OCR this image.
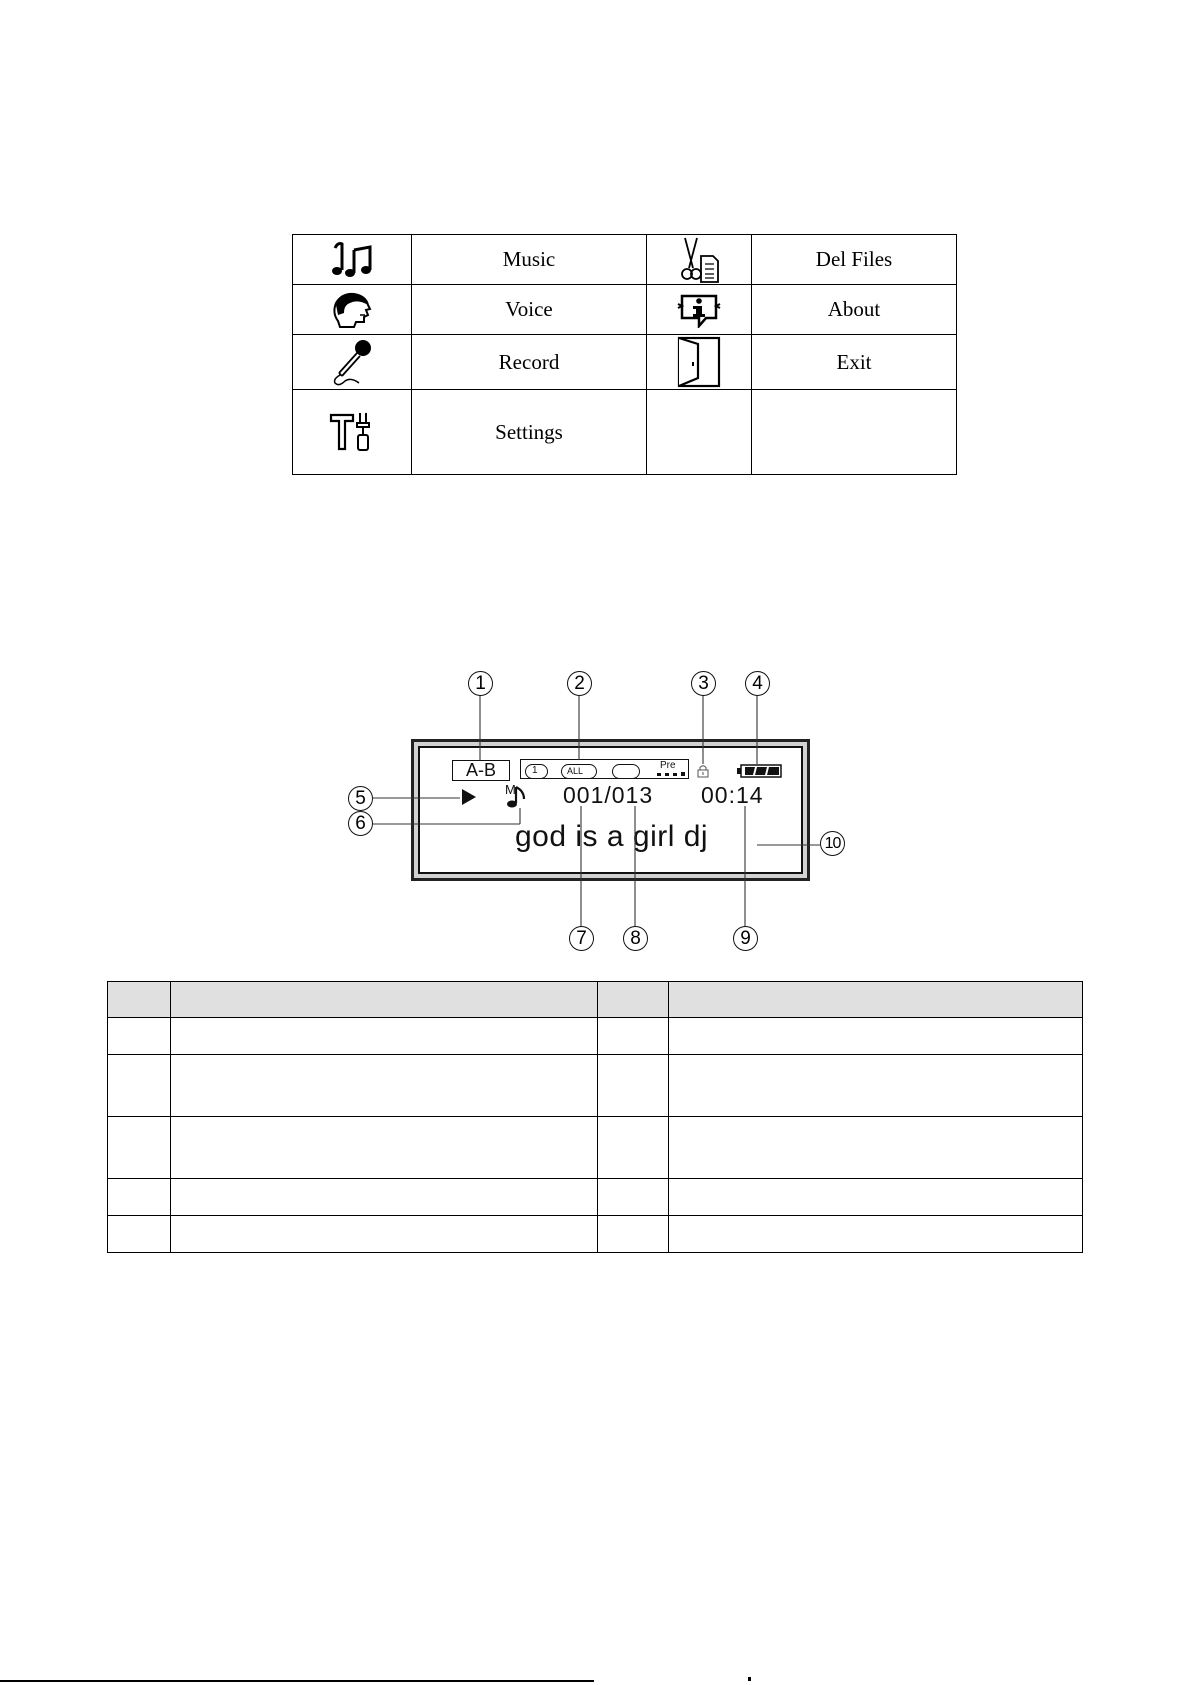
	Music		Del Files

	Voice		About

	Record		Exit

	Settings		
A-B	1	ALL	Pre
M 001/013 00:14
god is a girl dj
1	2	3	4
5
6
7	8	9
10
